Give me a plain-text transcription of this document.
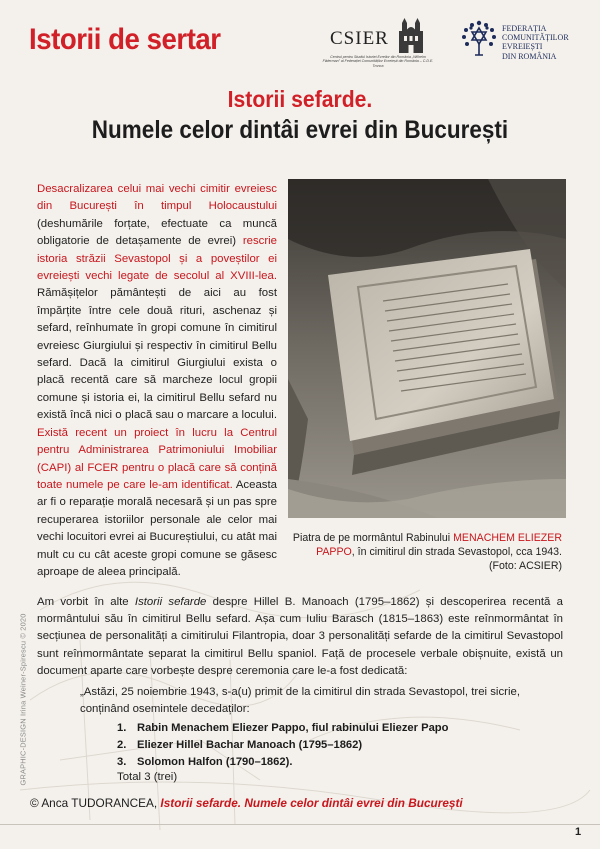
Istorii de sertar	CSIER
Centrul pentru Studiul Istoriei Evreilor din România „Wilhelm Filderman" al Federației Comunităților Evreiești din România – C.D.E. Tronca
FEDERAȚIA
COMUNITĂȚILOR
EVREIEȘTI
DIN ROMÂNIA
Istorii sefarde.
Numele celor dintâi evrei din București

Desacralizarea celui mai vechi cimitir evreiesc din București în timpul Holocaustului (deshumările forțate, efectuate ca muncă obligatorie de detașamente de evrei) rescrie istoria străzii Sevastopol și a poveștilor ei evreiești vechi legate de secolul al XVIII-lea. Rămășițelor pământești de aici au fost împărțite între cele două rituri, aschenaz și sefard, reînhumate în gropi comune în cimitirul evreiesc Giurgiului și respectiv în cimitirul Bellu sefard. Dacă la cimitirul Giurgiului exista o placă recentă care să marcheze locul gropii comune și istoria ei, la cimitirul Bellu sefard nu există încă nici o placă sau o marcare a locului. Există recent un proiect în lucru la Centrul pentru Administrarea Patrimoniului Imobiliar (CAPI) al FCER pentru o placă care să conțină toate numele pe care le-am identificat. Aceasta ar fi o reparație morală necesară și un pas spre recuperarea istoriilor personale ale celor mai vechi locuitori evrei ai Bucureștiului, cu atât mai mult cu cu cât aceste gropi comune se găsesc aproape de aleea principală.

Piatra de pe mormântul Rabinului MENACHEM ELIEZER PAPPO, în cimitirul din strada Sevastopol, cca 1943. (Foto: ACSIER)

Am vorbit în alte Istorii sefarde despre Hillel B. Manoach (1795–1862) și descoperirea recentă a mormântului său în cimitirul Bellu sefard. Așa cum Iuliu Barasch (1815–1863) este reînmormântat în secțiunea de personalități a cimitirului Filantropia, doar 3 personalități sefarde de la cimitirul Sevastopol sunt reînmormântate separat la cimitirul Bellu spaniol. Față de procesele verbale obișnuite, există un document aparte care vorbește despre ceremonia care le-a fost dedicată:

„Astăzi, 25 noiembrie 1943, s-a(u) primit de la cimitirul din strada Sevastopol, trei sicrie, conținând osemintele decedaților:

1. Rabin Menachem Eliezer Pappo, fiul rabinului Eliezer Papo
2. Eliezer Hillel Bachar Manoach (1795–1862)
3. Solomon Halfon (1790–1862).
Total 3 (trei)
© Anca TUDORANCEA, Istorii sefarde. Numele celor dintâi evrei din București
GRAPHIC-DESIGN Irina Weiner-Spirescu © 2020
1
